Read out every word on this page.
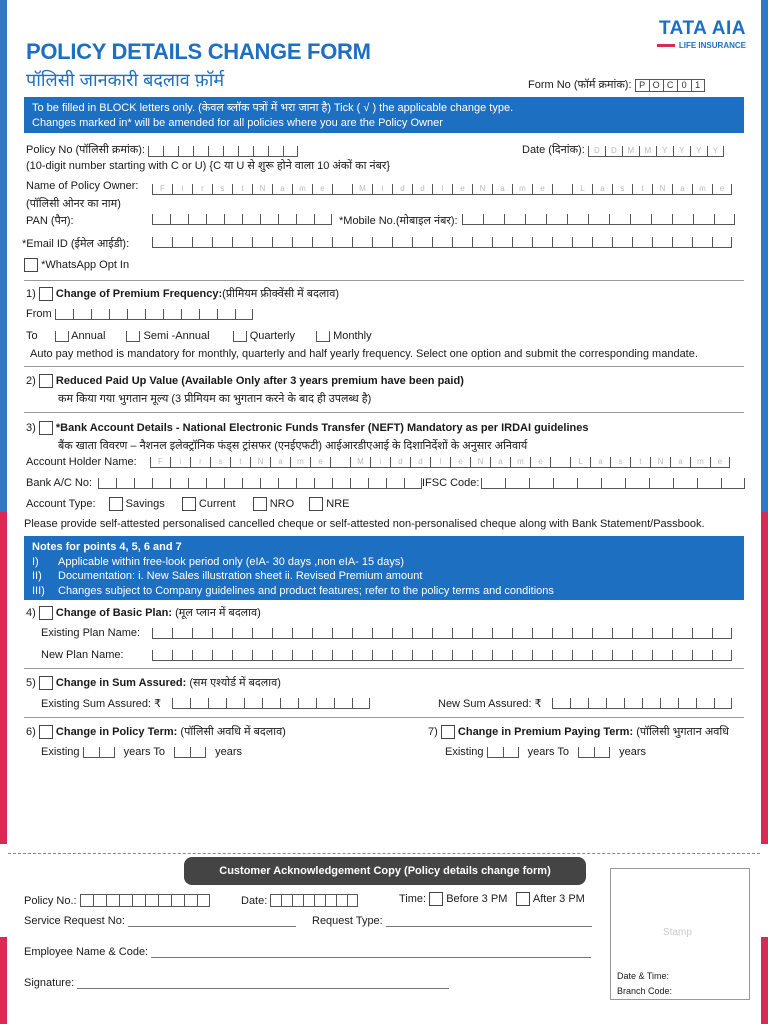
POLICY DETAILS CHANGE FORM
पॉलिसी जानकारी बदलाव फ़ॉर्म
TATA AIA
LIFE INSURANCE
Form No (फॉर्म क्रमांक): P O C 0 1
To be filled in BLOCK letters only. (केवल ब्लॉक पत्रों में भरा जाना है) Tick ( √ ) the applicable change type.
Changes marked in* will be amended for all policies where you are the Policy Owner
Policy No (पॉलिसी क्रमांक):	Date (दिनांक):	D	D	M	M	Y	Y	Y	Y
(10-digit number starting with C or U) {C या U से शुरू होने वाला 10 अंकों का नंबर}
Name of Policy Owner:
(पॉलिसी ओनर का नाम)
F	i	r	s	t	N	a	m	e	M	i	d	d	l	e	N	a	m	e	L	a	s	t	N	a	m	e
PAN (पैन):	*Mobile No.(मोबाइल नंबर):
*Email ID (ईमेल आईडी):
*WhatsApp Opt In
1) Change of Premium Frequency:(प्रीमियम फ्रीक्वेंसी में बदलाव)
From
To	Annual	Semi -Annual	Quarterly	Monthly
Auto pay method is mandatory for monthly, quarterly and half yearly frequency. Select one option and submit the corresponding mandate.
2) Reduced Paid Up Value (Available Only after 3 years premium have been paid)
कम किया गया भुगतान मूल्य (3 प्रीमियम का भुगतान करने के बाद ही उपलब्ध है)
3) *Bank Account Details - National Electronic Funds Transfer (NEFT) Mandatory as per IRDAI guidelines
बैंक खाता विवरण – नैशनल इलेक्ट्रॉनिक फंड्स ट्रांसफर (एनईएफटी) आईआरडीएआई के दिशानिर्देशों के अनुसार अनिवार्य
Account Holder Name:	F	i	r	s	t	N	a	m	e	M	i	d	d	l	e	N	a	m	e	L	a	s	t	N	a	m	e
Bank A/C No:	IFSC Code:
Account Type:	Savings	Current	NRO	NRE
Please provide self-attested personalised cancelled cheque or self-attested non-personalised cheque along with Bank Statement/Passbook.
Notes for points 4, 5, 6 and 7
I) Applicable within free-look period only (eIA- 30 days ,non eIA- 15 days)
II) Documentation: i. New Sales illustration sheet ii. Revised Premium amount
III) Changes subject to Company guidelines and product features; refer to the policy terms and conditions
4) Change of Basic Plan: (मूल प्लान में बदलाव)
Existing Plan Name:
New Plan Name:
5) Change in Sum Assured: (सम एश्योर्ड में बदलाव)
Existing Sum Assured: ₹	New Sum Assured: ₹
6) Change in Policy Term: (पॉलिसी अवधि में बदलाव)
Existing	years To	years
7) Change in Premium Paying Term: (पॉलिसी भुगतान अवधि
Existing	years To	years
Customer Acknowledgement Copy (Policy details change form)
Policy No.:	Date:	Time: Before 3 PM After 3 PM
Service Request No:	Request Type:
Employee Name & Code:
Signature:
Stamp
Date & Time:
Branch Code:
